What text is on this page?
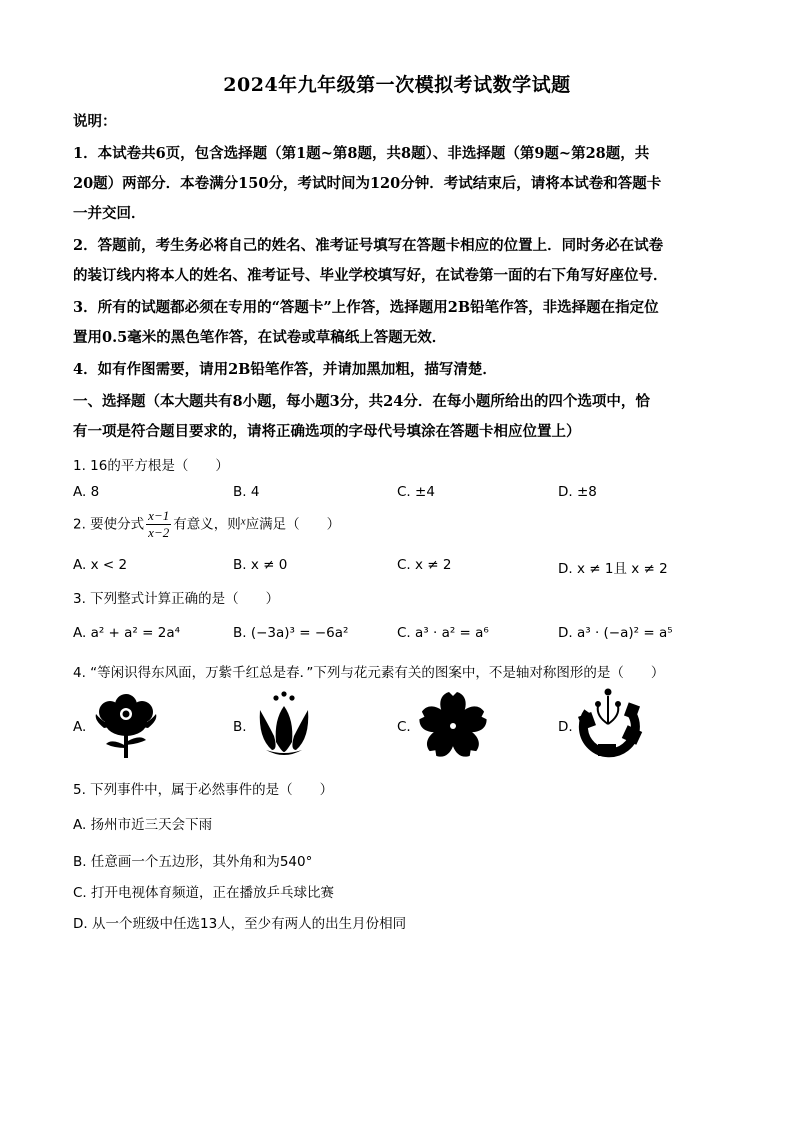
2024年九年级第一次模拟考试数学试题
说明：
1．本试卷共6页，包含选择题（第1题~第8题，共8题）、非选择题（第9题~第28题，共
20题）两部分．本卷满分150分，考试时间为120分钟．考试结束后，请将本试卷和答题卡
一并交回．
2．答题前，考生务必将自己的姓名、准考证号填写在答题卡相应的位置上．同时务必在试卷
的装订线内将本人的姓名、准考证号、毕业学校填写好，在试卷第一面的右下角写好座位号．
3．所有的试题都必须在专用的“答题卡”上作答，选择题用2B铅笔作答，非选择题在指定位
置用0.5毫米的黑色笔作答，在试卷或草稿纸上答题无效．
4．如有作图需要，请用2B铅笔作答，并请加黑加粗，描写清楚．
一、选择题（本大题共有8小题，每小题3分，共24分．在每小题所给出的四个选项中，恰
有一项是符合题目要求的，请将正确选项的字母代号填涂在答题卡相应位置上）
1. 16的平方根是（　　）
A. 8	B. 4	C. ±4	D. ±8
2. 要使分式 $\frac{x-1}{x-2}$ 有意义，则$^x$应满足（　　）
A. x < 2	B. x ≠ 0	C. x ≠ 2	D. x ≠ 1且 x ≠ 2
3. 下列整式计算正确的是（　　）
A. a² + a² = 2a⁴	B. (−3a)³ = −6a²	C. a³ · a² = a⁶	D. a³ · (−a)² = a⁵
4. “等闲识得东风面，万紫千红总是春．”下列与花元素有关的图案中，不是轴对称图形的是（　　）
A.	B.	C.	D.
5. 下列事件中，属于必然事件的是（　　）
A. 扬州市近三天会下雨
B. 任意画一个五边形，其外角和为540°
C. 打开电视体育频道，正在播放乒乓球比赛
D. 从一个班级中任选13人，至少有两人的出生月份相同
